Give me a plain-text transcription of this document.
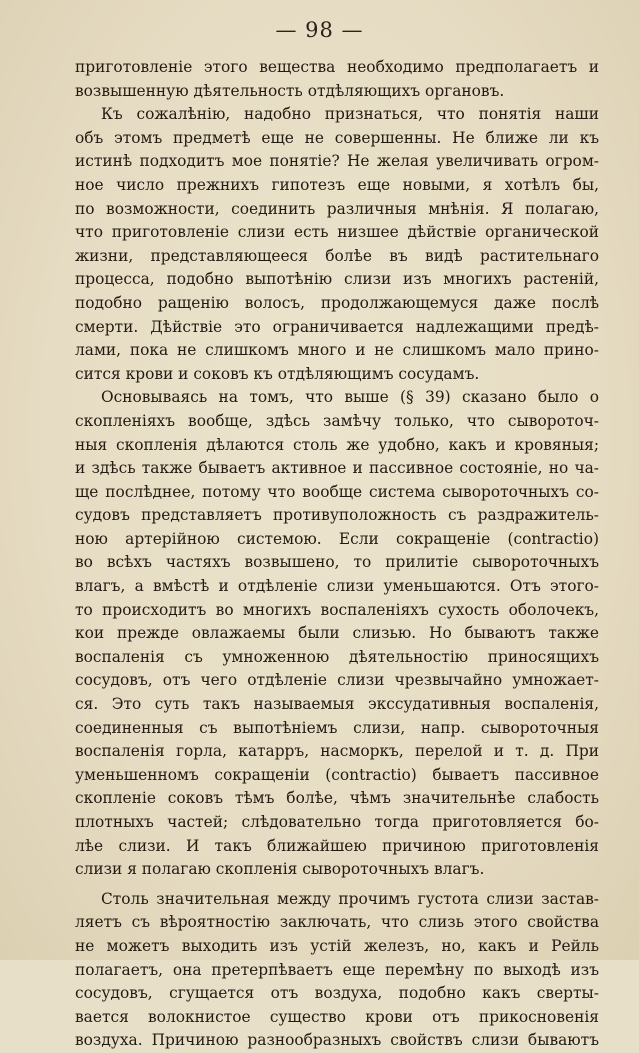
— 98 —
приготовленіе этого вещества необходимо предполагаетъ и
возвышенную дѣятельность отдѣляющихъ органовъ.
Къ сожалѣнію, надобно признаться, что понятія наши
объ этомъ предметѣ еще не совершенны. Не ближе ли къ
истинѣ подходитъ мое понятіе? Не желая увеличивать огром-
ное число прежнихъ гипотезъ еще новыми, я хотѣлъ бы,
по возможности, соединить различныя мнѣнія. Я полагаю,
что приготовленіе слизи есть низшее дѣйствіе органической
жизни, представляющееся болѣе въ видѣ растительнаго
процесса, подобно выпотѣнію слизи изъ многихъ растеній,
подобно ращенію волосъ, продолжающемуся даже послѣ
смерти. Дѣйствіе это ограничивается надлежащими предѣ-
лами, пока не слишкомъ много и не слишкомъ мало прино-
сится крови и соковъ къ отдѣляющимъ сосудамъ.
Основываясь на томъ, что выше (§ 39) сказано было о
скопленіяхъ вообще, здѣсь замѣчу только, что сывороточ-
ныя скопленія дѣлаются столь же удобно, какъ и кровяныя;
и здѣсь также бываетъ активное и пассивное состояніе, но ча-
ще послѣднее, потому что вообще система сывороточныхъ со-
судовъ представляетъ противуположность съ раздражитель-
ною артерійною системою. Если сокращеніе (contractio)
во всѣхъ частяхъ возвышено, то прилитіе сывороточныхъ
влагъ, а вмѣстѣ и отдѣленіе слизи уменьшаются. Отъ этого-
то происходитъ во многихъ воспаленіяхъ сухость оболочекъ,
кои прежде овлажаемы были слизью. Но бываютъ также
воспаленія съ умноженною дѣятельностію приносящихъ
сосудовъ, отъ чего отдѣленіе слизи чрезвычайно умножает-
ся. Это суть такъ называемыя экссудативныя воспаленія,
соединенныя съ выпотѣніемъ слизи, напр. сывороточныя
воспаленія горла, катарръ, насморкъ, перелой и т. д. При
уменьшенномъ сокращеніи (contractio) бываетъ пассивное
скопленіе соковъ тѣмъ болѣе, чѣмъ значительнѣе слабость
плотныхъ частей; слѣдовательно тогда приготовляется бо-
лѣе слизи. И такъ ближайшею причиною приготовленія
слизи я полагаю скопленія сывороточныхъ влагъ.
Столь значительная между прочимъ густота слизи застав-
ляетъ съ вѣроятностію заключать, что слизь этого свойства
не можетъ выходить изъ устій железъ, но, какъ и Рейль
полагаетъ, она претерпѣваетъ еще перемѣну по выходѣ изъ
сосудовъ, сгущается отъ воздуха, подобно какъ сверты-
вается волокнистое существо крови отъ прикосновенія
воздуха. Причиною разнообразныхъ свойствъ слизи бываютъ
